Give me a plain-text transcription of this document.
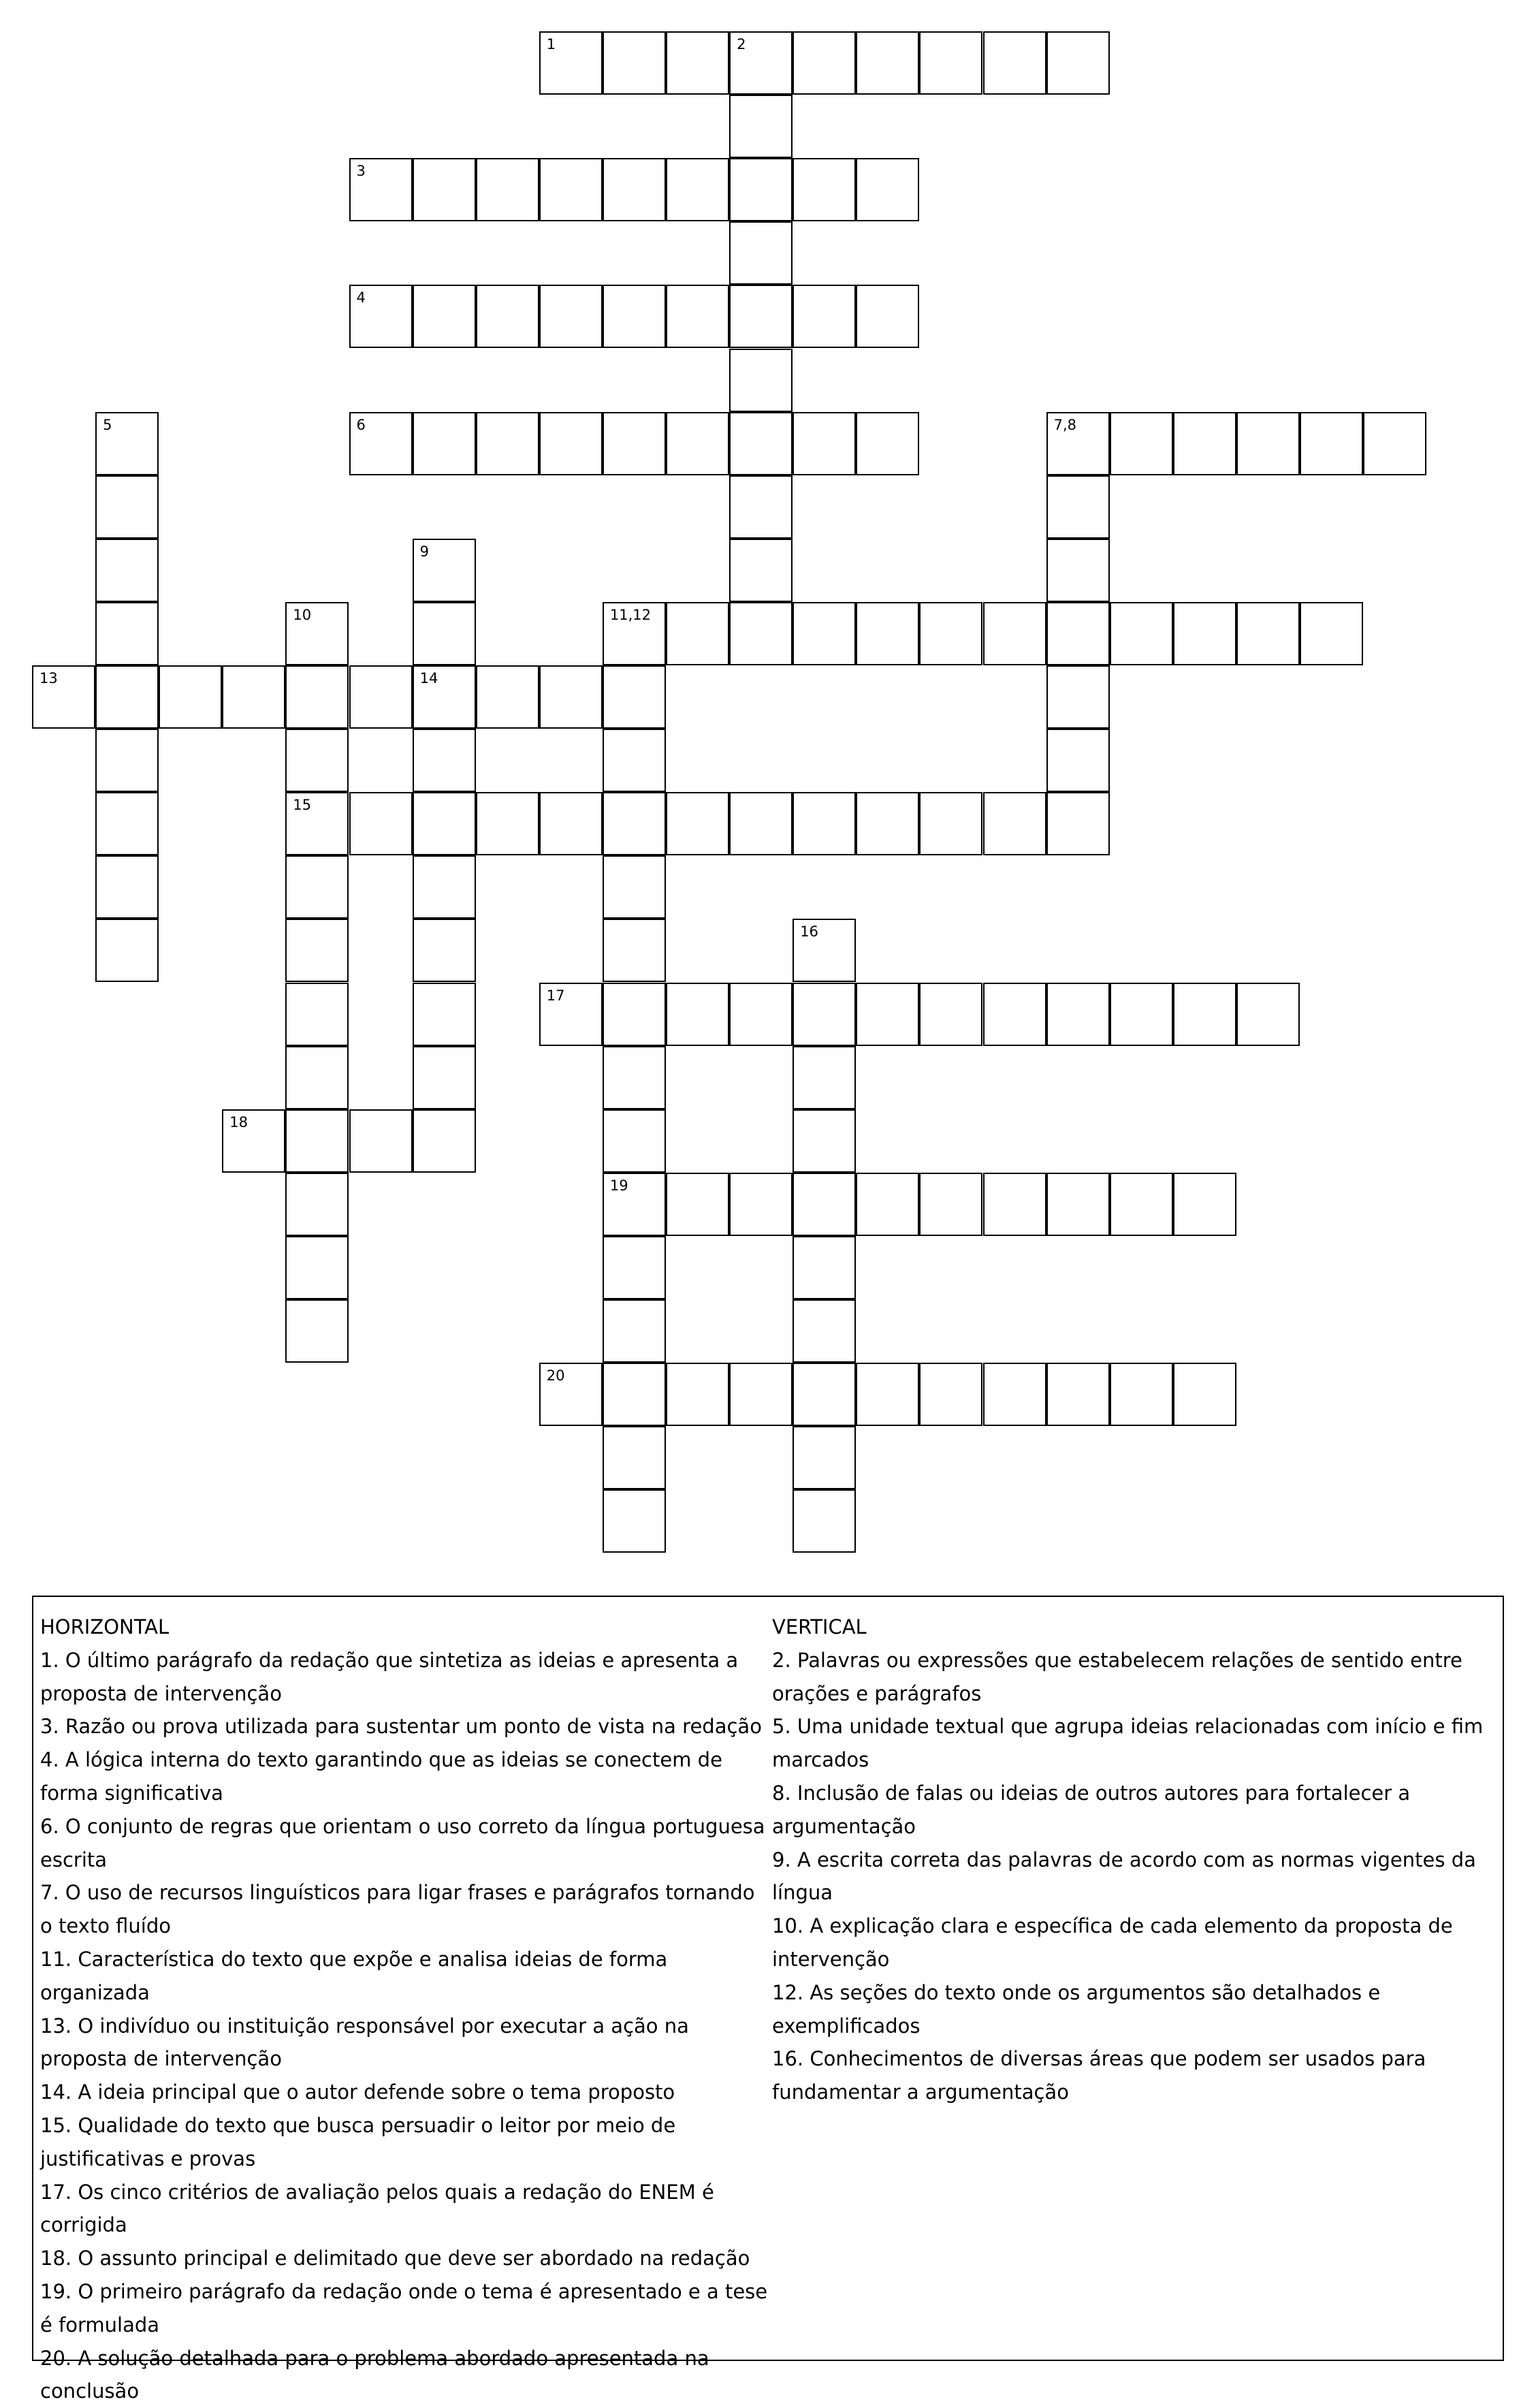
1	2
3
4
5	6	7,8
9
14
10
15
11,12
19
13
16
17
18
20

HORIZONTAL

1. O último parágrafo da redação que sintetiza as ideias e apresenta a proposta de intervenção

3. Razão ou prova utilizada para sustentar um ponto de vista na redação

4. A lógica interna do texto garantindo que as ideias se conectem de forma significativa

6. O conjunto de regras que orientam o uso correto da língua portuguesa escrita

7. O uso de recursos linguísticos para ligar frases e parágrafos tornando o texto fluído

11. Característica do texto que expõe e analisa ideias de forma organizada

13. O indivíduo ou instituição responsável por executar a ação na proposta de intervenção

14. A ideia principal que o autor defende sobre o tema proposto

15. Qualidade do texto que busca persuadir o leitor por meio de justificativas e provas

17. Os cinco critérios de avaliação pelos quais a redação do ENEM é corrigida

18. O assunto principal e delimitado que deve ser abordado na redação

19. O primeiro parágrafo da redação onde o tema é apresentado e a tese é formulada

20. A solução detalhada para o problema abordado apresentada na conclusão

VERTICAL

2. Palavras ou expressões que estabelecem relações de sentido entre orações e parágrafos

5. Uma unidade textual que agrupa ideias relacionadas com início e fim marcados

8. Inclusão de falas ou ideias de outros autores para fortalecer a argumentação

9. A escrita correta das palavras de acordo com as normas vigentes da língua

10. A explicação clara e específica de cada elemento da proposta de intervenção

12. As seções do texto onde os argumentos são detalhados e exemplificados

16. Conhecimentos de diversas áreas que podem ser usados para fundamentar a argumentação
